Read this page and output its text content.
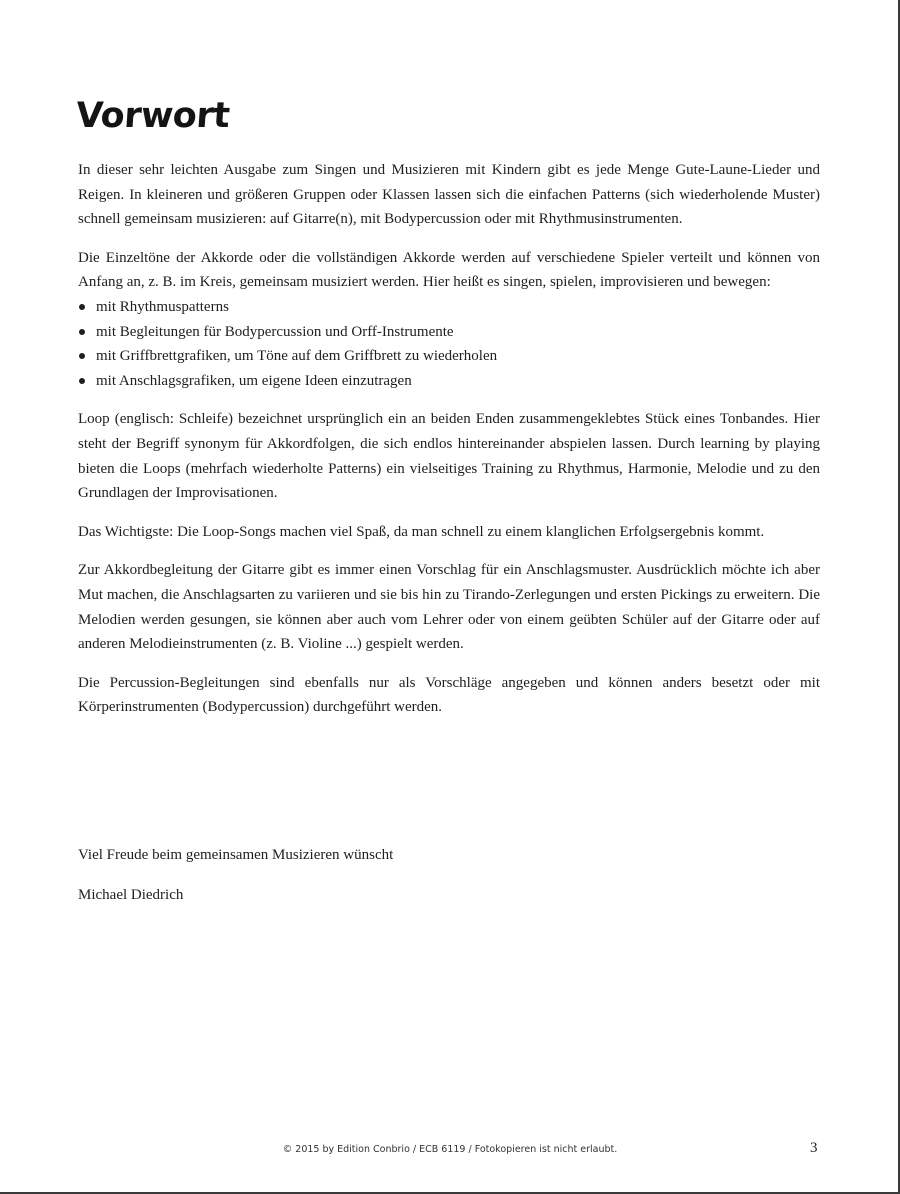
Vorwort

In dieser sehr leichten Ausgabe zum Singen und Musizieren mit Kindern gibt es jede Menge Gute-Laune-Lieder und Reigen. In kleineren und größeren Gruppen oder Klassen lassen sich die einfachen Patterns (sich wiederholende Muster) schnell gemeinsam musizieren: auf Gitarre(n), mit Bodypercussion oder mit Rhythmusinstrumenten.

Die Einzeltöne der Akkorde oder die vollständigen Akkorde werden auf verschiedene Spieler verteilt und können von Anfang an, z. B. im Kreis, gemeinsam musiziert werden. Hier heißt es singen, spielen, improvisieren und bewegen:

mit Rhythmuspatterns
mit Begleitungen für Bodypercussion und Orff-Instrumente
mit Griffbrettgrafiken, um Töne auf dem Griffbrett zu wiederholen
mit Anschlagsgrafiken, um eigene Ideen einzutragen

Loop (englisch: Schleife) bezeichnet ursprünglich ein an beiden Enden zusammengeklebtes Stück eines Tonbandes. Hier steht der Begriff synonym für Akkordfolgen, die sich endlos hintereinander abspielen lassen. Durch learning by playing bieten die Loops (mehrfach wiederholte Patterns) ein vielseitiges Training zu Rhythmus, Harmonie, Melodie und zu den Grundlagen der Improvisationen.

Das Wichtigste: Die Loop-Songs machen viel Spaß, da man schnell zu einem klanglichen Erfolgsergebnis kommt.

Zur Akkordbegleitung der Gitarre gibt es immer einen Vorschlag für ein Anschlagsmuster. Ausdrücklich möchte ich aber Mut machen, die Anschlagsarten zu variieren und sie bis hin zu Tirando-Zerlegungen und ersten Pickings zu erweitern. Die Melodien werden gesungen, sie können aber auch vom Lehrer oder von einem geübten Schüler auf der Gitarre oder auf anderen Melodieinstrumenten (z. B. Violine ...) gespielt werden.

Die Percussion-Begleitungen sind ebenfalls nur als Vorschläge angegeben und können anders besetzt oder mit Körperinstrumenten (Bodypercussion) durchgeführt werden.

Viel Freude beim gemeinsamen Musizieren wünscht

Michael Diedrich

© 2015 by Edition Conbrio / ECB 6119 / Fotokopieren ist nicht erlaubt.	3
